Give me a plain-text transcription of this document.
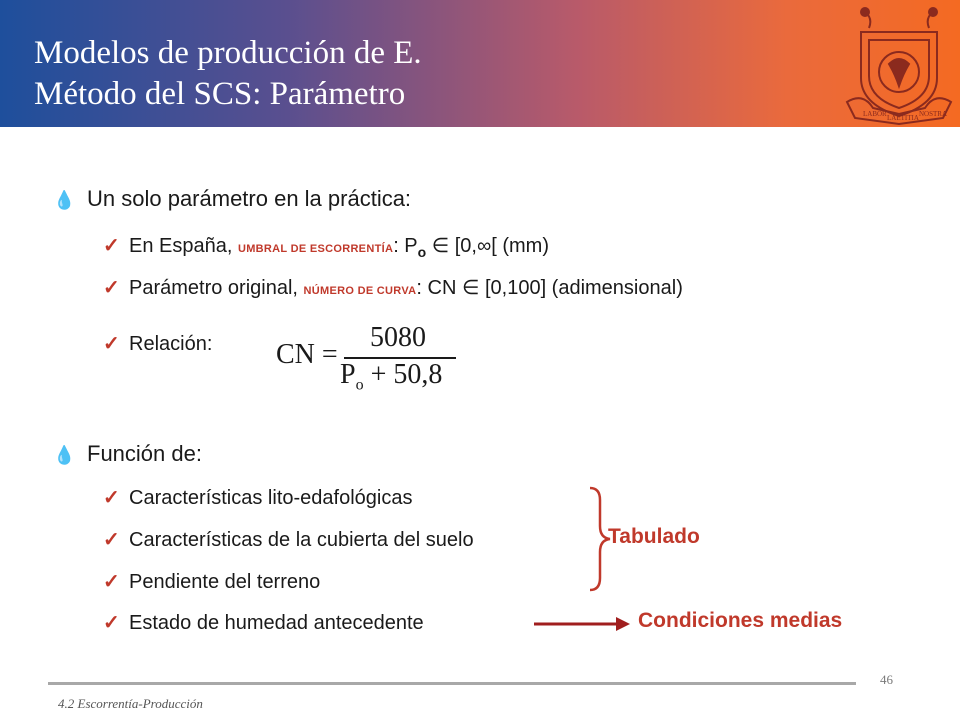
Modelos de producción de E.
Método del SCS: Parámetro
LABOR LAETITIA NOSTRA
💧 Un solo parámetro en la práctica:
✓ En España, UMBRAL DE ESCORRENTÍA: $P_o$ ∈ [0,∞[ (mm)
✓ Parámetro original, NÚMERO DE CURVA: CN ∈ [0,100] (adimensional)
✓ Relación: CN =
5080
$P_o + 50,8$
💧 Función de:
✓ Características lito-edafológicas
✓ Características de la cubierta del suelo
✓ Pendiente del terreno
✓ Estado de humedad antecedente
Tabulado
Condiciones medias
46
4.2 Escorrentía-Producción
